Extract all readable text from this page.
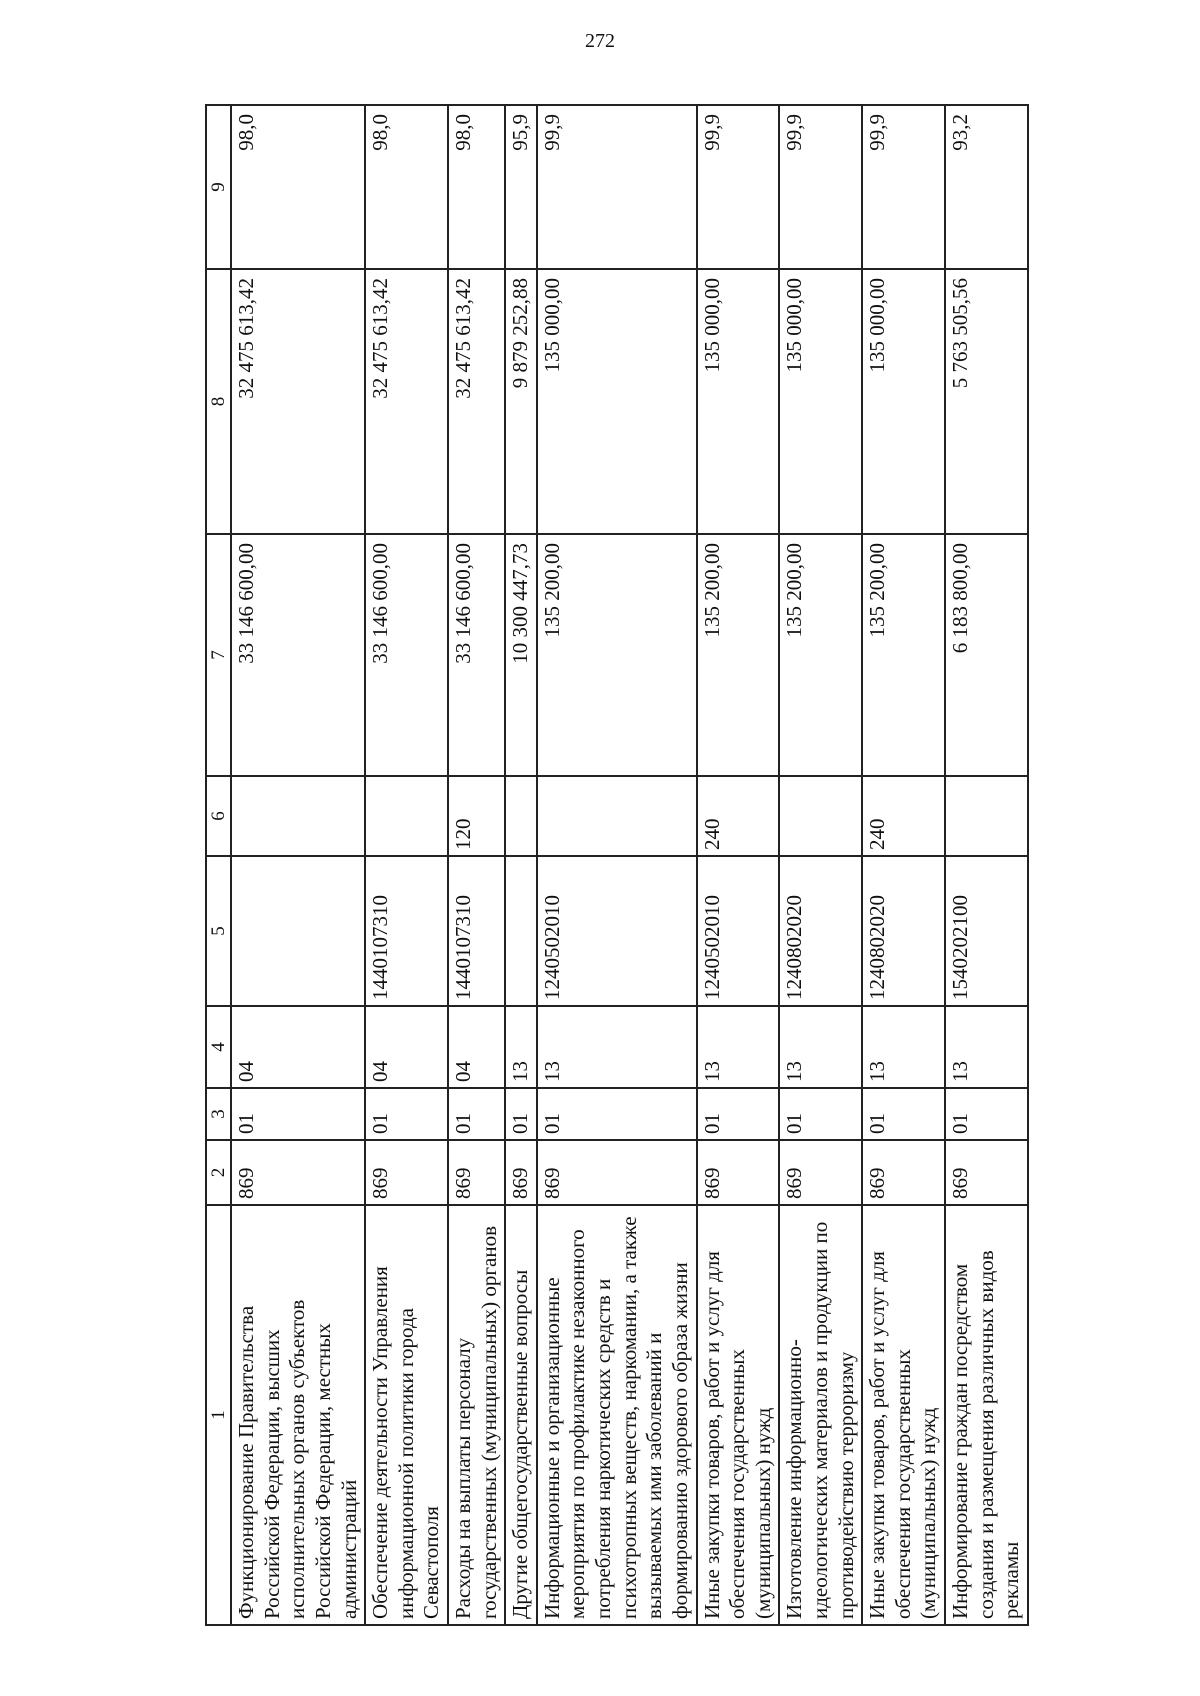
272
1	2	3	4	5	6	7	8	9
Функционирование Правительства Российской Федерации, высших исполнительных органов субъектов Российской Федерации, местных администраций	869	01	04			33 146 600,00	32 475 613,42	98,0
Обеспечение деятельности Управления информационной политики города Севастополя	869	01	04	1440107310		33 146 600,00	32 475 613,42	98,0
Расходы на выплаты персоналу государственных (муниципальных) органов	869	01	04	1440107310	120	33 146 600,00	32 475 613,42	98,0
Другие общегосударственные вопросы	869	01	13			10 300 447,73	9 879 252,88	95,9
Информационные и организационные мероприятия по профилактике незаконного потребления наркотических средств и психотропных веществ, наркомании, а также вызываемых ими заболеваний и формированию здорового образа жизни	869	01	13	1240502010		135 200,00	135 000,00	99,9
Иные закупки товаров, работ и услуг для обеспечения государственных (муниципальных) нужд	869	01	13	1240502010	240	135 200,00	135 000,00	99,9
Изготовление информационно-идеологических материалов и продукции по противодействию терроризму	869	01	13	1240802020		135 200,00	135 000,00	99,9
Иные закупки товаров, работ и услуг для обеспечения государственных (муниципальных) нужд	869	01	13	1240802020	240	135 200,00	135 000,00	99,9
Информирование граждан посредством создания и размещения различных видов рекламы	869	01	13	1540202100		6 183 800,00	5 763 505,56	93,2
